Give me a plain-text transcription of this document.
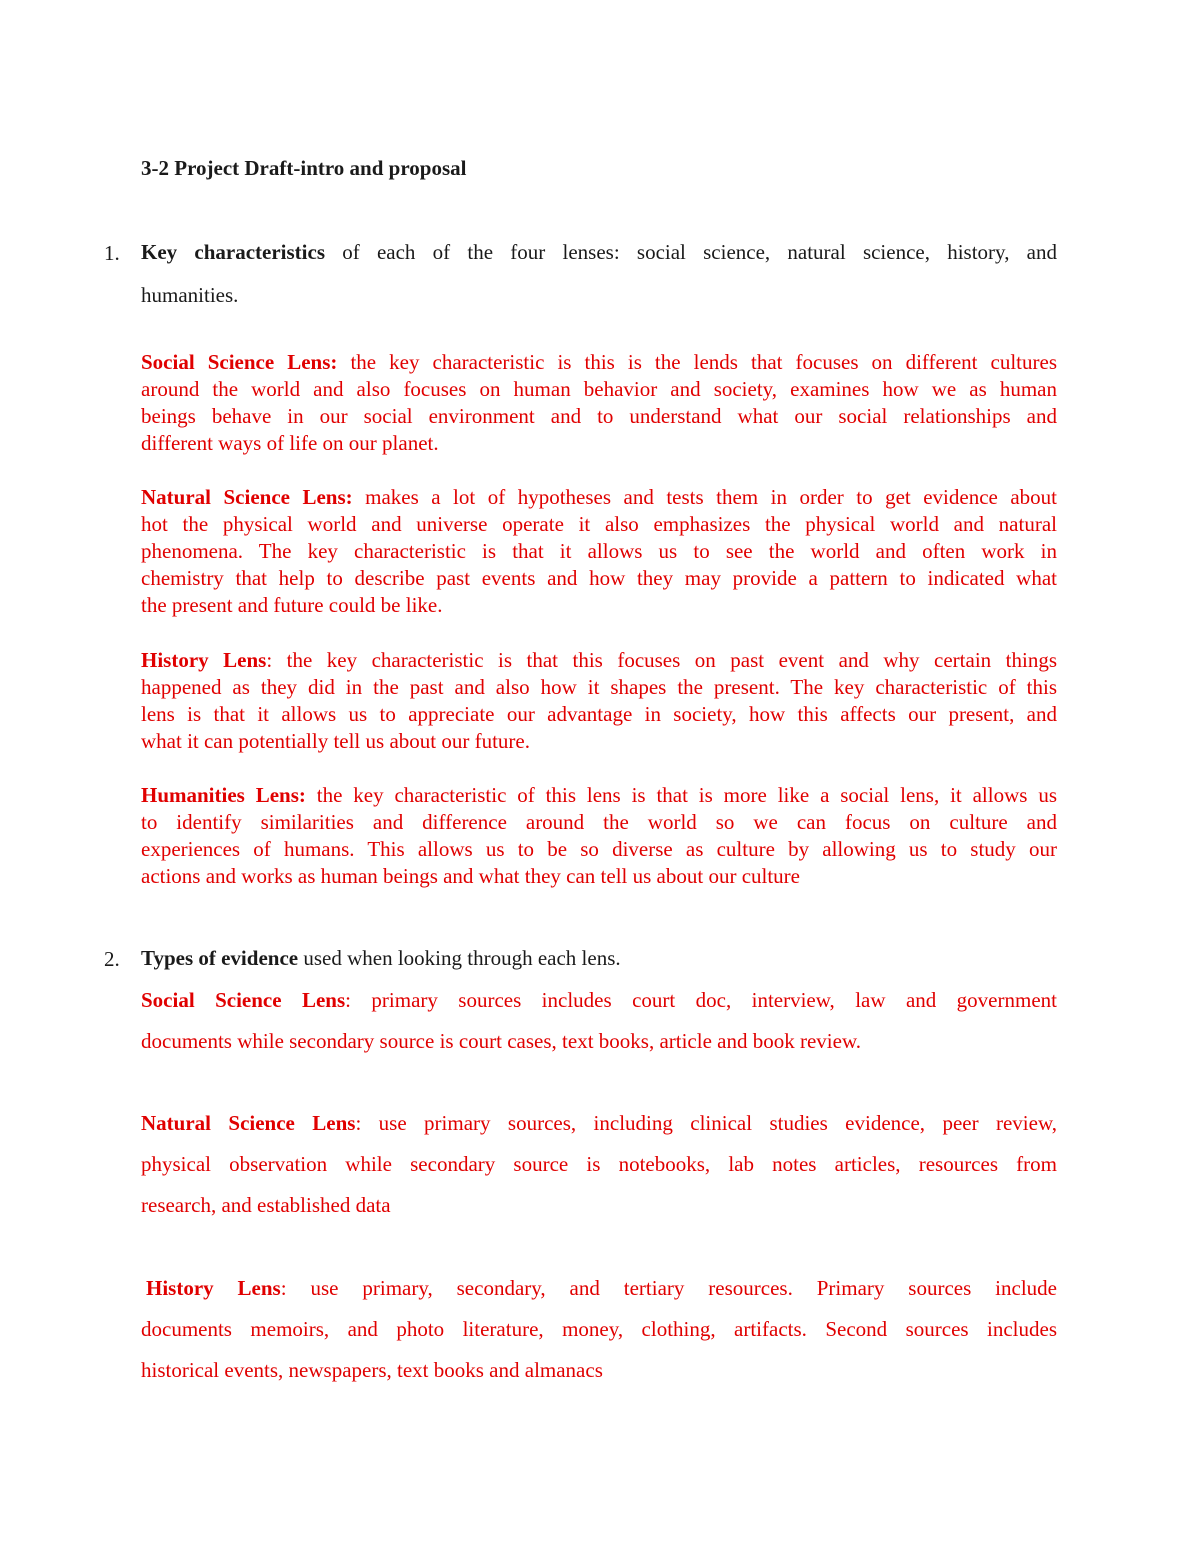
3-2 Project Draft-intro and proposal
1. Key characteristics of each of the four lenses: social science, natural science, history, and
humanities.
Social Science Lens: the key characteristic is this is the lends that focuses on different cultures
around the world and also focuses on human behavior and society, examines how we as human
beings behave in our social environment and to understand what our social relationships and
different ways of life on our planet.
Natural Science Lens: makes a lot of hypotheses and tests them in order to get evidence about
hot the physical world and universe operate it also emphasizes the physical world and natural
phenomena. The key characteristic is that it allows us to see the world and often work in
chemistry that help to describe past events and how they may provide a pattern to indicated what
the present and future could be like.
History Lens: the key characteristic is that this focuses on past event and why certain things
happened as they did in the past and also how it shapes the present. The key characteristic of this
lens is that it allows us to appreciate our advantage in society, how this affects our present, and
what it can potentially tell us about our future.
Humanities Lens: the key characteristic of this lens is that is more like a social lens, it allows us
to identify similarities and difference around the world so we can focus on culture and
experiences of humans. This allows us to be so diverse as culture by allowing us to study our
actions and works as human beings and what they can tell us about our culture
2. Types of evidence used when looking through each lens.
Social Science Lens: primary sources includes court doc, interview, law and government
documents while secondary source is court cases, text books, article and book review.
Natural Science Lens: use primary sources, including clinical studies evidence, peer review,
physical observation while secondary source is notebooks, lab notes articles, resources from
research, and established data
History Lens: use primary, secondary, and tertiary resources. Primary sources include
documents memoirs, and photo literature, money, clothing, artifacts. Second sources includes
historical events, newspapers, text books and almanacs
